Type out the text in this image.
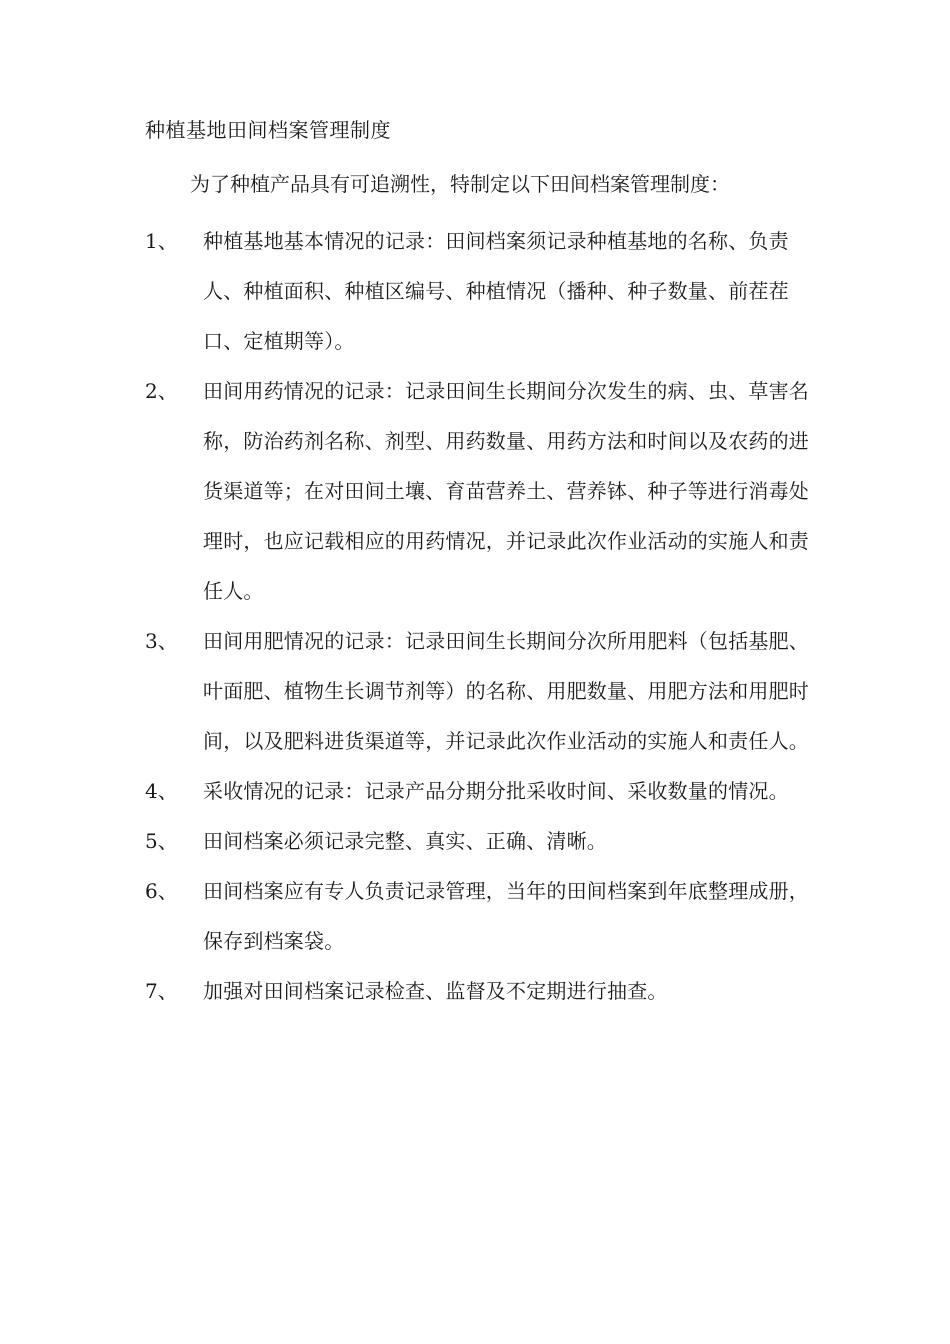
种植基地田间档案管理制度
为了种植产品具有可追溯性，特制定以下田间档案管理制度：
1、 种植基地基本情况的记录：田间档案须记录种植基地的名称、负责人、种植面积、种植区编号、种植情况（播种、种子数量、前茬茬口、定植期等）。
2、 田间用药情况的记录：记录田间生长期间分次发生的病、虫、草害名称，防治药剂名称、剂型、用药数量、用药方法和时间以及农药的进货渠道等；在对田间土壤、育苗营养土、营养钵、种子等进行消毒处理时，也应记载相应的用药情况，并记录此次作业活动的实施人和责任人。
3、 田间用肥情况的记录：记录田间生长期间分次所用肥料（包括基肥、叶面肥、植物生长调节剂等）的名称、用肥数量、用肥方法和用肥时间，以及肥料进货渠道等，并记录此次作业活动的实施人和责任人。
4、 采收情况的记录：记录产品分期分批采收时间、采收数量的情况。
5、 田间档案必须记录完整、真实、正确、清晰。
6、 田间档案应有专人负责记录管理，当年的田间档案到年底整理成册，保存到档案袋。
7、 加强对田间档案记录检查、监督及不定期进行抽查。
